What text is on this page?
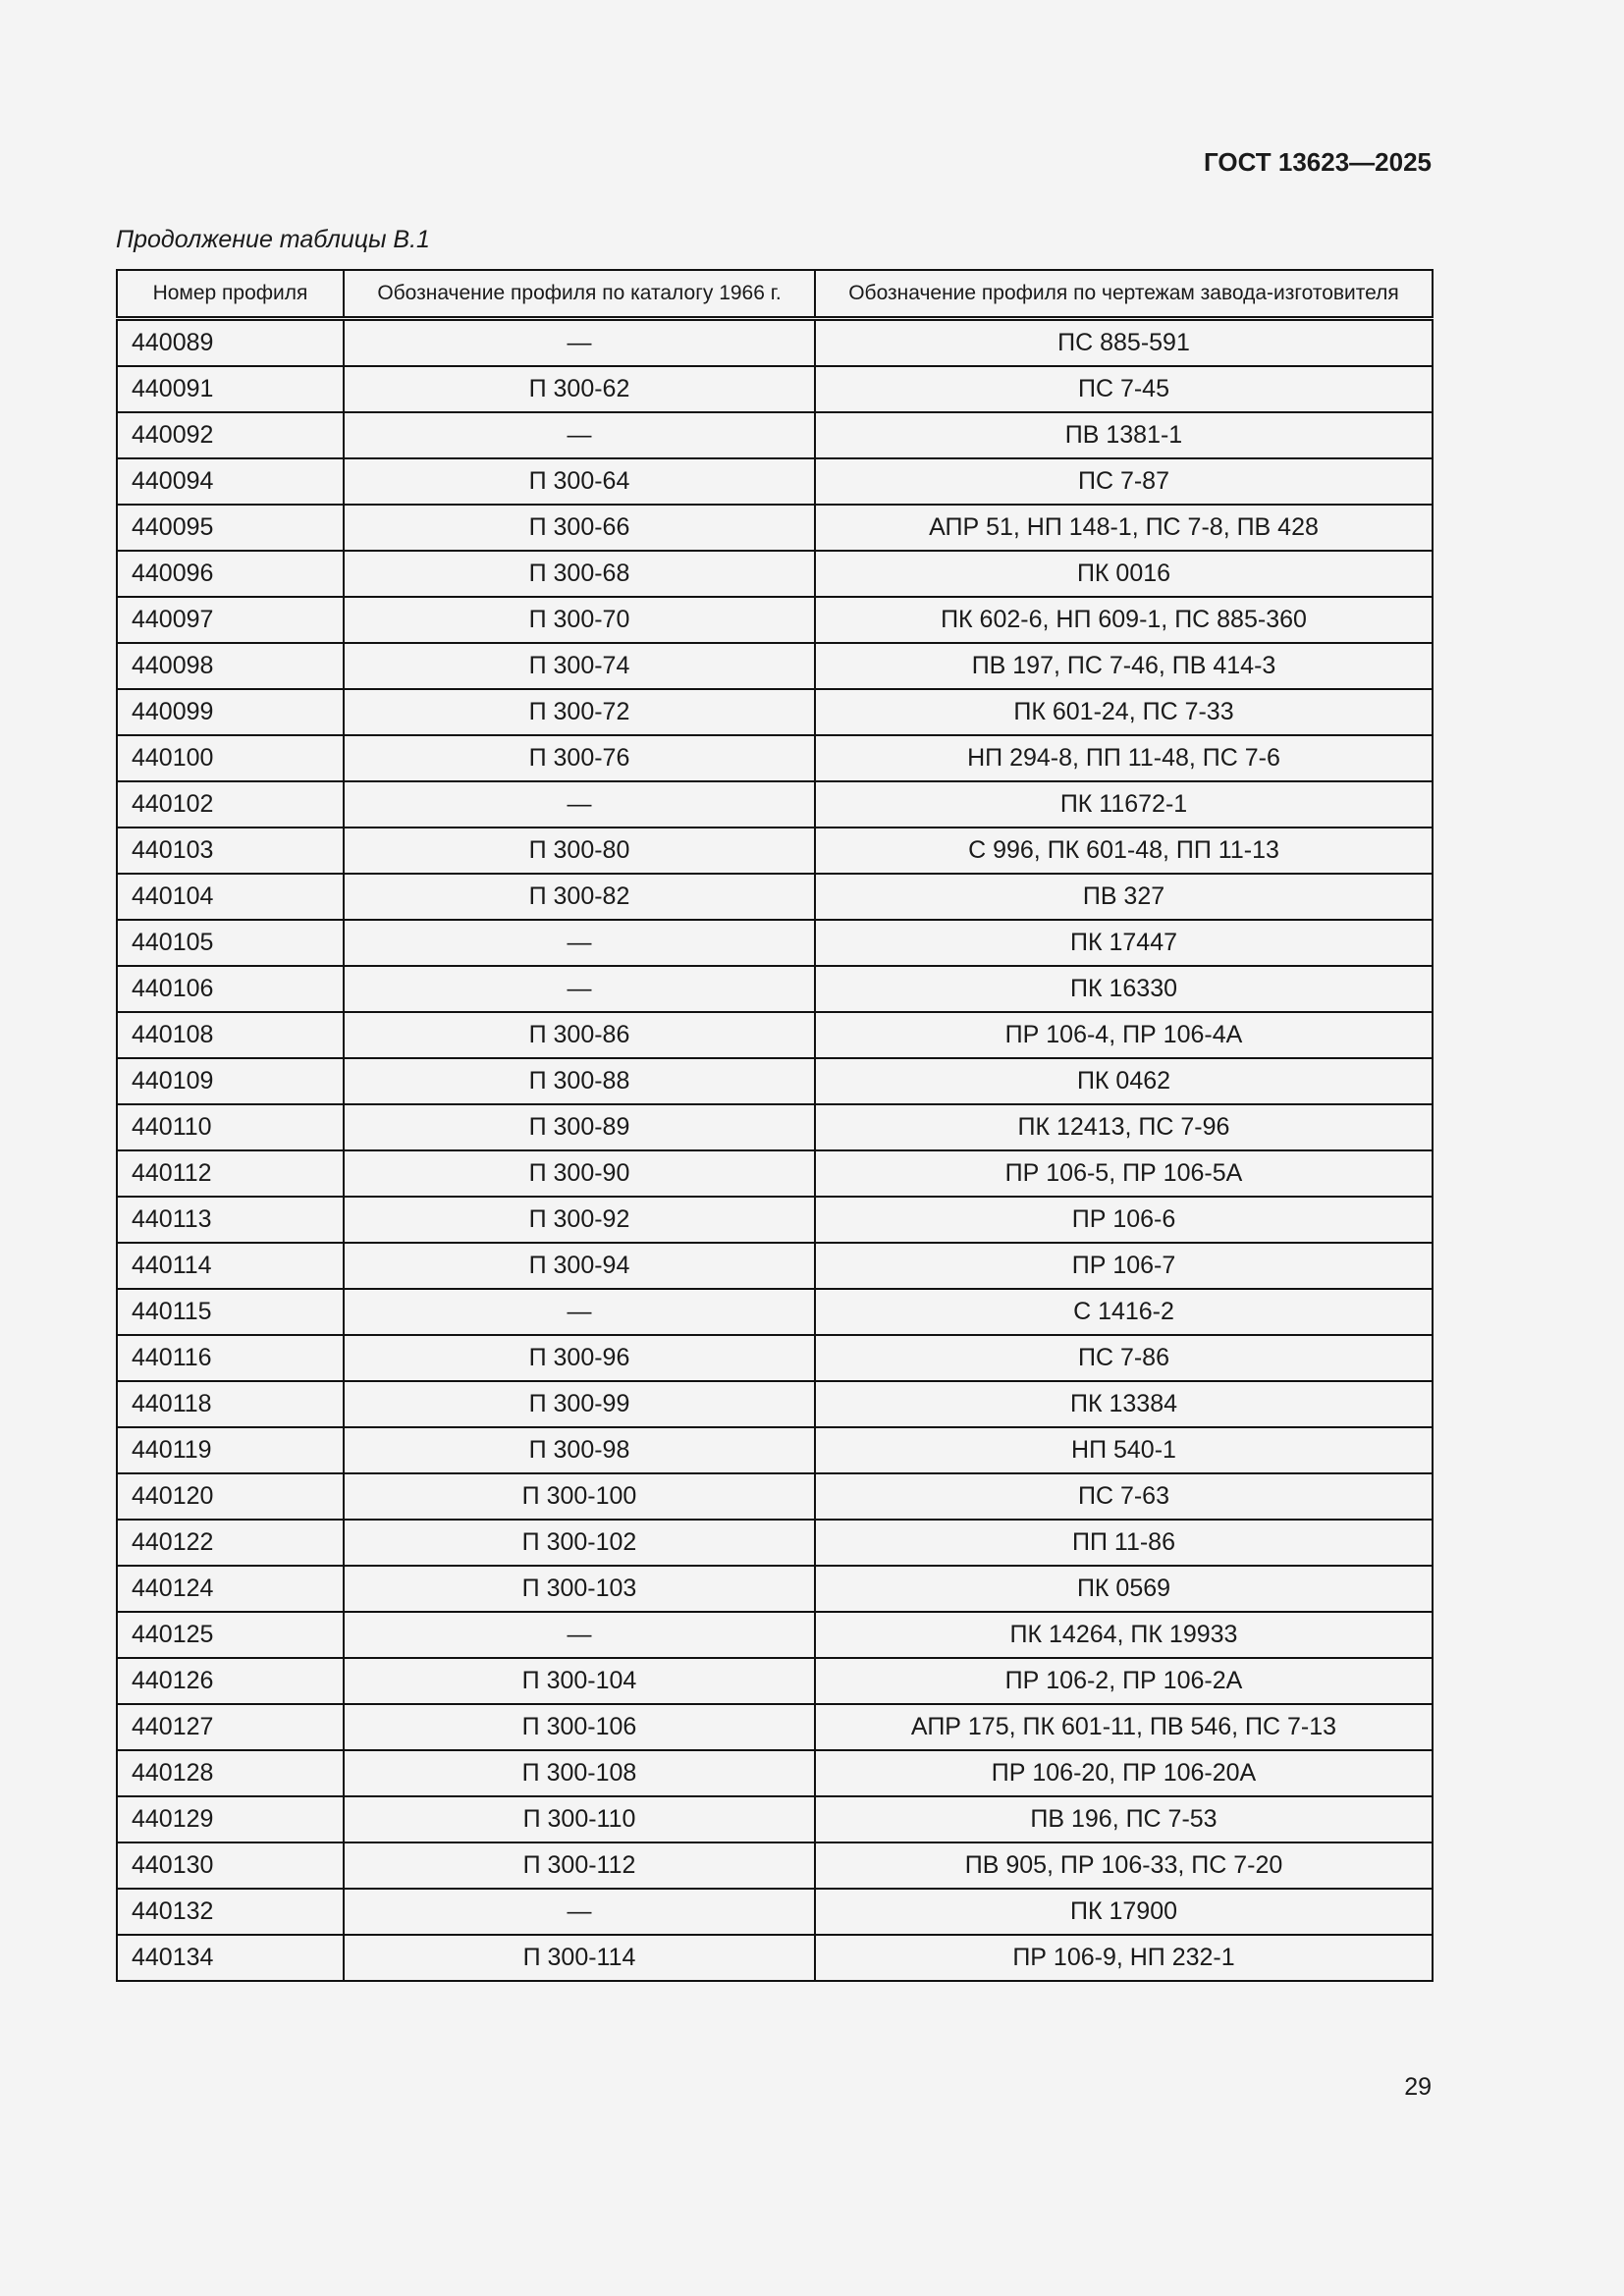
ГОСТ 13623—2025
Продолжение таблицы В.1
Номер профиля	Обозначение профиля по каталогу 1966 г.	Обозначение профиля по чертежам завода-изготовителя
440089	—	ПС 885-591
440091	П 300-62	ПС 7-45
440092	—	ПВ 1381-1
440094	П 300-64	ПС 7-87
440095	П 300-66	АПР 51, НП 148-1, ПС 7-8, ПВ 428
440096	П 300-68	ПК 0016
440097	П 300-70	ПК 602-6, НП 609-1, ПС 885-360
440098	П 300-74	ПВ 197, ПС 7-46, ПВ 414-3
440099	П 300-72	ПК 601-24, ПС 7-33
440100	П 300-76	НП 294-8, ПП 11-48, ПС 7-6
440102	—	ПК 11672-1
440103	П 300-80	С 996, ПК 601-48, ПП 11-13
440104	П 300-82	ПВ 327
440105	—	ПК 17447
440106	—	ПК 16330
440108	П 300-86	ПР 106-4, ПР 106-4А
440109	П 300-88	ПК 0462
440110	П 300-89	ПК 12413, ПС 7-96
440112	П 300-90	ПР 106-5, ПР 106-5А
440113	П 300-92	ПР 106-6
440114	П 300-94	ПР 106-7
440115	—	С 1416-2
440116	П 300-96	ПС 7-86
440118	П 300-99	ПК 13384
440119	П 300-98	НП 540-1
440120	П 300-100	ПС 7-63
440122	П 300-102	ПП 11-86
440124	П 300-103	ПК 0569
440125	—	ПК 14264, ПК 19933
440126	П 300-104	ПР 106-2, ПР 106-2А
440127	П 300-106	АПР 175, ПК 601-11, ПВ 546, ПС 7-13
440128	П 300-108	ПР 106-20, ПР 106-20А
440129	П 300-110	ПВ 196, ПС 7-53
440130	П 300-112	ПВ 905, ПР 106-33, ПС 7-20
440132	—	ПК 17900
440134	П 300-114	ПР 106-9, НП 232-1
29
